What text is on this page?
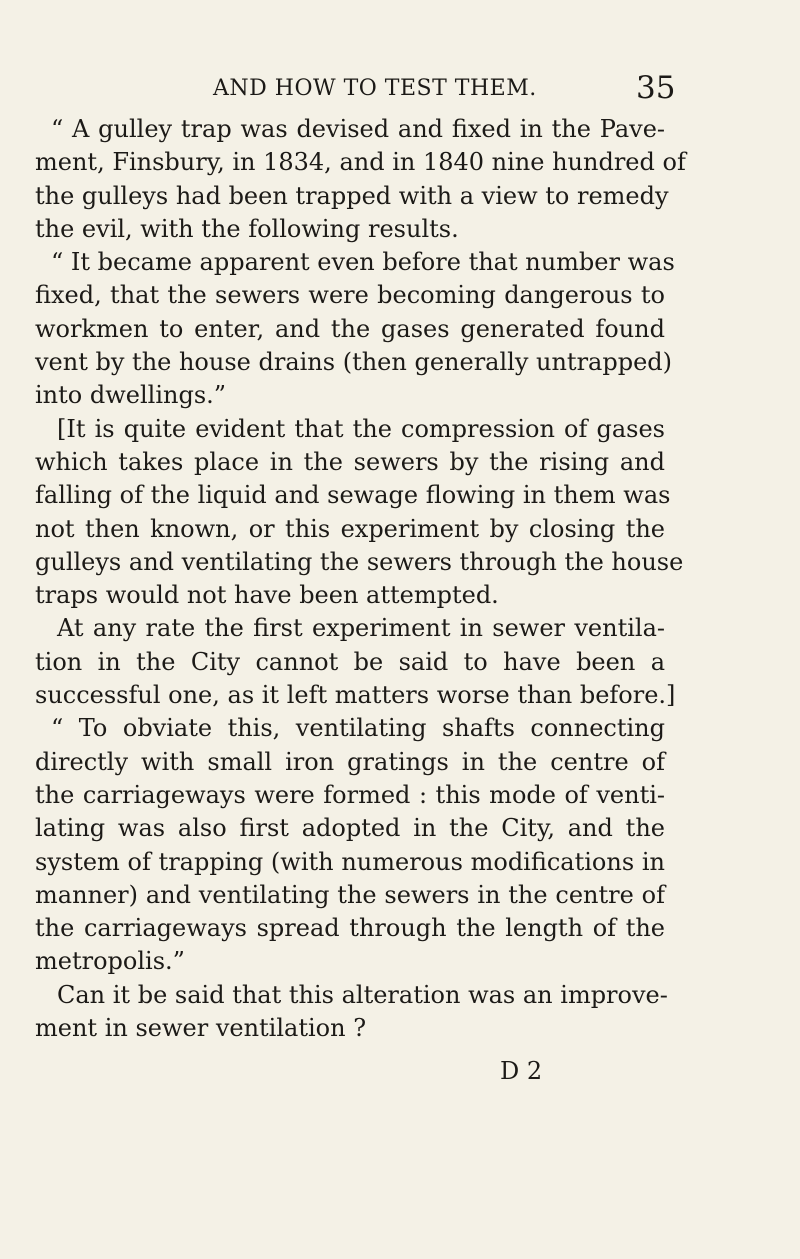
AND HOW TO TEST THEM.	35
“ A gulley trap was devised and fixed in the Pave-
ment, Finsbury, in 1834, and in 1840 nine hundred of
the gulleys had been trapped with a view to remedy
the evil, with the following results.
“ It became apparent even before that number was
fixed, that the sewers were becoming dangerous to
workmen to enter, and the gases generated found
vent by the house drains (then generally untrapped)
into dwellings.”
[It is quite evident that the compression of gases
which takes place in the sewers by the rising and
falling of the liquid and sewage flowing in them was
not then known, or this experiment by closing the
gulleys and ventilating the sewers through the house
traps would not have been attempted.
At any rate the first experiment in sewer ventila-
tion in the City cannot be said to have been a
successful one, as it left matters worse than before.]
“ To obviate this, ventilating shafts connecting
directly with small iron gratings in the centre of
the carriageways were formed : this mode of venti-
lating was also first adopted in the City, and the
system of trapping (with numerous modifications in
manner) and ventilating the sewers in the centre of
the carriageways spread through the length of the
metropolis.”
Can it be said that this alteration was an improve-
ment in sewer ventilation ?
D 2
